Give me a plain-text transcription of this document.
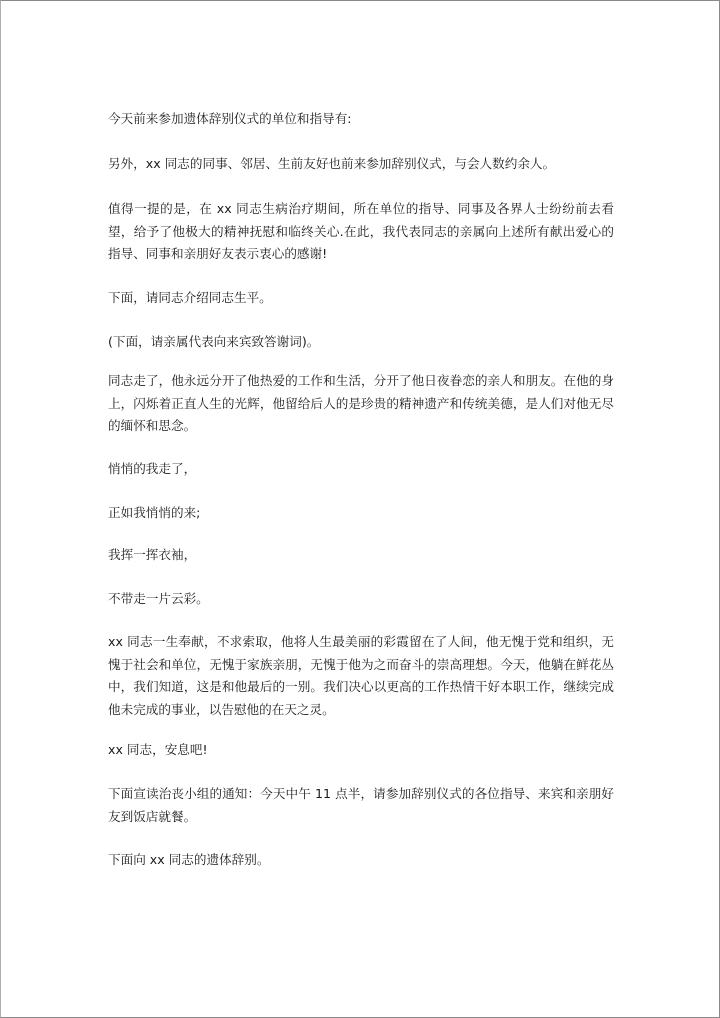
今天前来参加遗体辞别仪式的单位和指导有:

另外，xx 同志的同事、邻居、生前友好也前来参加辞别仪式，与会人数约余人。

值得一提的是，在 xx 同志生病治疗期间，所在单位的指导、同事及各界人士纷纷前去看望，给予了他极大的精神抚慰和临终关心.在此，我代表同志的亲属向上述所有献出爱心的指导、同事和亲朋好友表示衷心的感谢!

下面，请同志介绍同志生平。

(下面，请亲属代表向来宾致答谢词)。

同志走了，他永远分开了他热爱的工作和生活，分开了他日夜眷恋的亲人和朋友。在他的身上，闪烁着正直人生的光辉，他留给后人的是珍贵的精神遗产和传统美德，是人们对他无尽的缅怀和思念。

悄悄的我走了，

正如我悄悄的来;

我挥一挥衣袖，

不带走一片云彩。

xx 同志一生奉献，不求索取，他将人生最美丽的彩霞留在了人间，他无愧于党和组织，无愧于社会和单位，无愧于家族亲朋，无愧于他为之而奋斗的崇高理想。今天，他躺在鲜花丛中，我们知道，这是和他最后的一别。我们决心以更高的工作热情干好本职工作，继续完成他未完成的事业，以告慰他的在天之灵。

xx 同志，安息吧!

下面宣读治丧小组的通知：今天中午 11 点半，请参加辞别仪式的各位指导、来宾和亲朋好友到饭店就餐。

下面向 xx 同志的遗体辞别。
